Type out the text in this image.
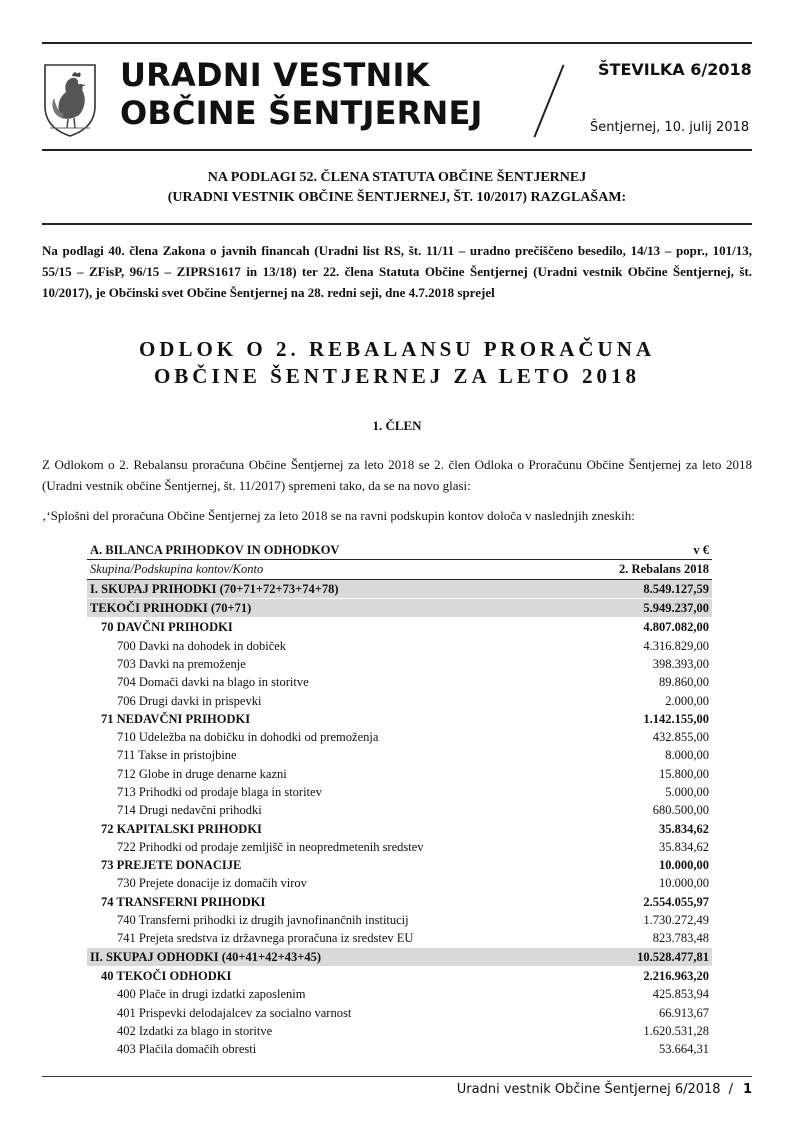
URADNI VESTNIK
OBČINE ŠENTJERNEJ
ŠTEVILKA 6/2018
Šentjernej, 10. julij 2018
NA PODLAGI 52. ČLENA STATUTA OBČINE ŠENTJERNEJ
(URADNI VESTNIK OBČINE ŠENTJERNEJ, ŠT. 10/2017) RAZGLAŠAM:
Na podlagi 40. člena Zakona o javnih financah (Uradni list RS, št. 11/11 – uradno prečiščeno besedilo, 14/13 – popr., 101/13, 55/15 – ZFisP, 96/15 – ZIPRS1617 in 13/18) ter 22. člena Statuta Občine Šentjernej (Uradni vestnik Občine Šentjernej, št. 10/2017), je Občinski svet Občine Šentjernej na 28. redni seji, dne 4.7.2018 sprejel
ODLOK O 2. REBALANSU PRORAČUNA
OBČINE ŠENTJERNEJ ZA LETO 2018
1. ČLEN
Z Odlokom o 2. Rebalansu proračuna Občine Šentjernej za leto 2018 se 2. člen Odloka o Proračunu Občine Šentjernej za leto 2018 (Uradni vestnik občine Šentjernej, št. 11/2017) spremeni tako, da se na novo glasi:
‚‘Splošni del proračuna Občine Šentjernej za leto 2018 se na ravni podskupin kontov določa v naslednjih zneskih:
A. BILANCA PRIHODKOV IN ODHODKOV	v €
Skupina/Podskupina kontov/Konto	2. Rebalans 2018
I. SKUPAJ PRIHODKI (70+71+72+73+74+78)	8.549.127,59
TEKOČI PRIHODKI (70+71)	5.949.237,00
70 DAVČNI PRIHODKI	4.807.082,00
700 Davki na dohodek in dobiček	4.316.829,00
703 Davki na premoženje	398.393,00
704 Domači davki na blago in storitve	89.860,00
706 Drugi davki in prispevki	2.000,00
71 NEDAVČNI PRIHODKI	1.142.155,00
710 Udeležba na dobičku in dohodki od premoženja	432.855,00
711 Takse in pristojbine	8.000,00
712 Globe in druge denarne kazni	15.800,00
713 Prihodki od prodaje blaga in storitev	5.000,00
714 Drugi nedavčni prihodki	680.500,00
72 KAPITALSKI PRIHODKI	35.834,62
722 Prihodki od prodaje zemljišč in neopredmetenih sredstev	35.834,62
73 PREJETE DONACIJE	10.000,00
730 Prejete donacije iz domačih virov	10.000,00
74 TRANSFERNI PRIHODKI	2.554.055,97
740 Transferni prihodki iz drugih javnofinančnih institucij	1.730.272,49
741 Prejeta sredstva iz državnega proračuna iz sredstev EU	823.783,48
II. SKUPAJ ODHODKI (40+41+42+43+45)	10.528.477,81
40 TEKOČI ODHODKI	2.216.963,20
400 Plače in drugi izdatki zaposlenim	425.853,94
401 Prispevki delodajalcev za socialno varnost	66.913,67
402 Izdatki za blago in storitve	1.620.531,28
403 Plačila domačih obresti	53.664,31
Uradni vestnik Občine Šentjernej 6/2018 / 1
